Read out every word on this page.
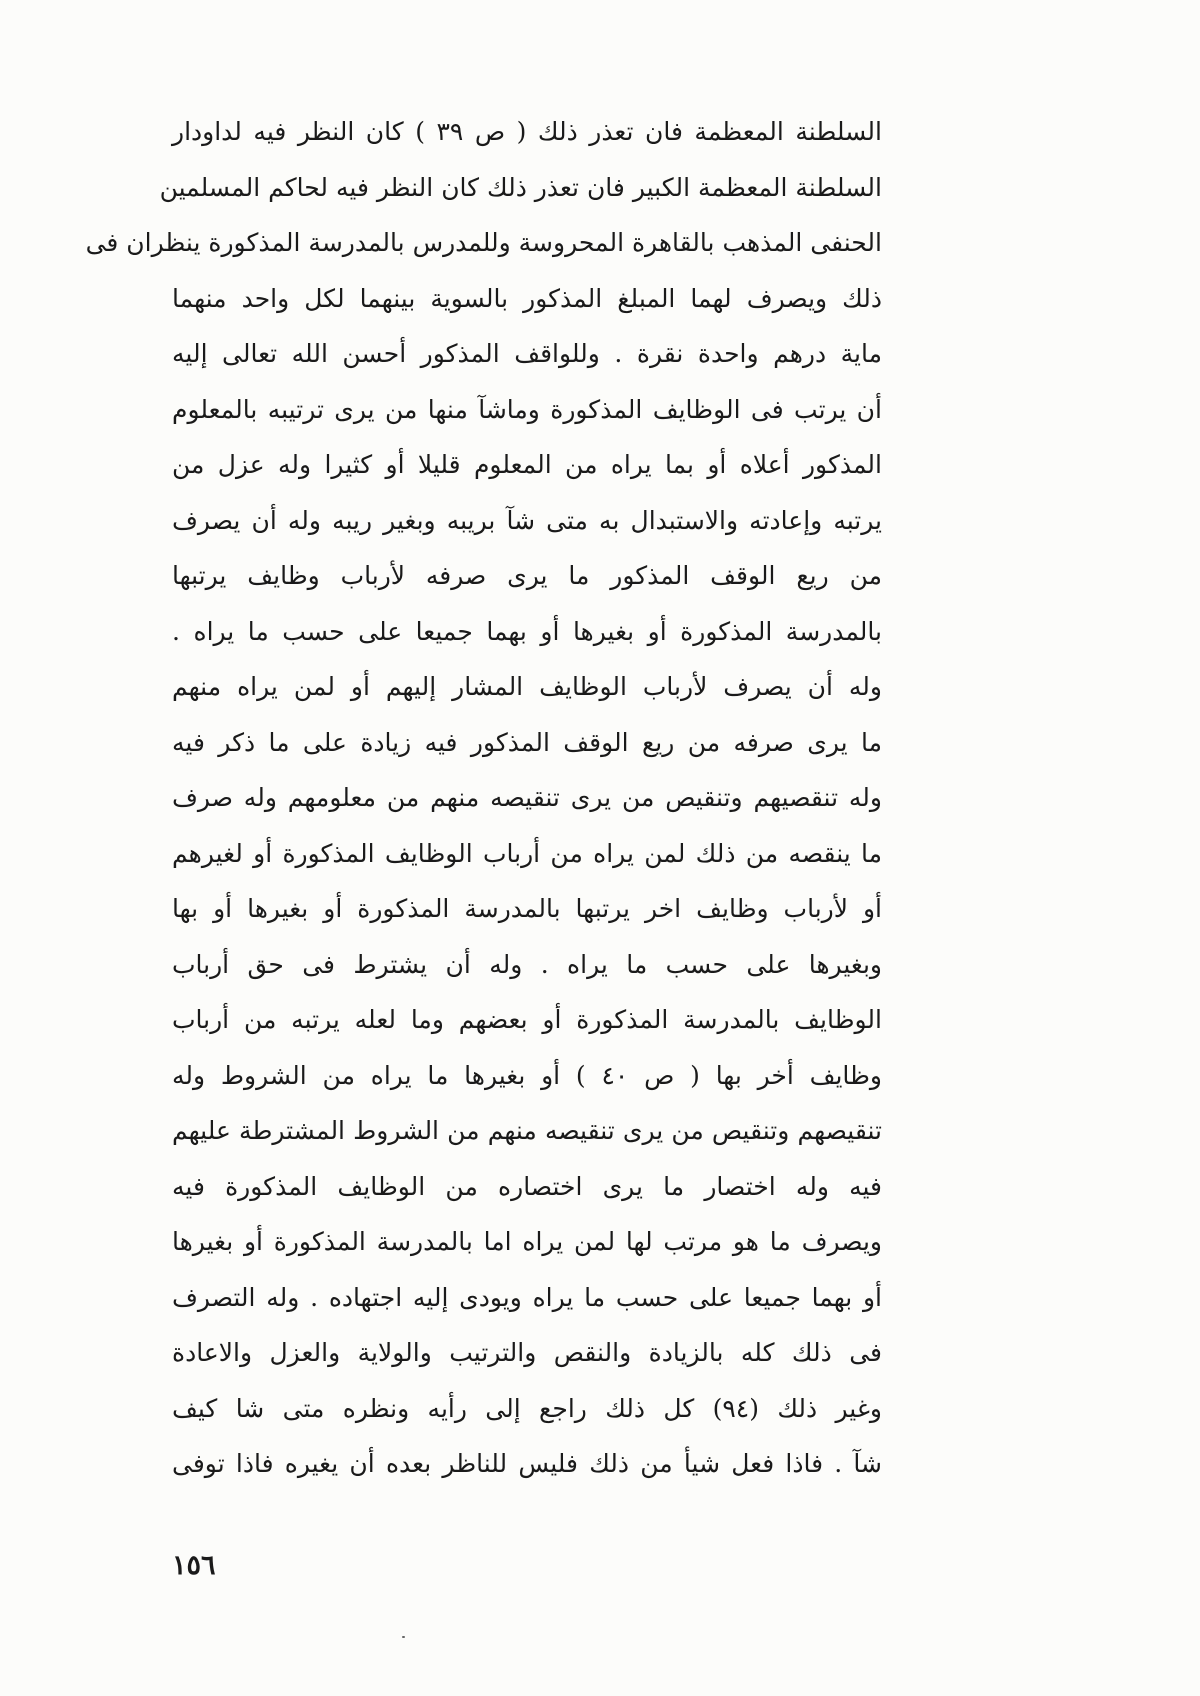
السلطنة المعظمة فان تعذر ذلك ( ص ٣٩ ) كان النظر فيه لداودار
السلطنة المعظمة الكبير فان تعذر ذلك كان النظر فيه لحاكم المسلمين
الحنفى المذهب بالقاهرة المحروسة وللمدرس بالمدرسة المذكورة ينظران فى
ذلك ويصرف لهما المبلغ المذكور بالسوية بينهما لكل واحد منهما
ماية درهم واحدة نقرة . وللواقف المذكور أحسن الله تعالى إليه
أن يرتب فى الوظايف المذكورة وماشآ منها من يرى ترتيبه بالمعلوم
المذكور أعلاه أو بما يراه من المعلوم قليلا أو كثيرا وله عزل من
يرتبه وإعادته والاستبدال به متى شآ بريبه وبغير ريبه وله أن يصرف
من ريع الوقف المذكور ما يرى صرفه لأرباب وظايف يرتبها
بالمدرسة المذكورة أو بغيرها أو بهما جميعا على حسب ما يراه .
وله أن يصرف لأرباب الوظايف المشار إليهم أو لمن يراه منهم
ما يرى صرفه من ريع الوقف المذكور فيه زيادة على ما ذكر فيه
وله تنقصيهم وتنقيص من يرى تنقيصه منهم من معلومهم وله صرف
ما ينقصه من ذلك لمن يراه من أرباب الوظايف المذكورة أو لغيرهم
أو لأرباب وظايف اخر يرتبها بالمدرسة المذكورة أو بغيرها أو بها
وبغيرها على حسب ما يراه . وله أن يشترط فى حق أرباب
الوظايف بالمدرسة المذكورة أو بعضهم وما لعله يرتبه من أرباب
وظايف أخر بها ( ص ٤٠ ) أو بغيرها ما يراه من الشروط وله
تنقيصهم وتنقيص من يرى تنقيصه منهم من الشروط المشترطة عليهم
فيه وله اختصار ما يرى اختصاره من الوظايف المذكورة فيه
ويصرف ما هو مرتب لها لمن يراه اما بالمدرسة المذكورة أو بغيرها
أو بهما جميعا على حسب ما يراه ويودى إليه اجتهاده . وله التصرف
فى ذلك كله بالزيادة والنقص والترتيب والولاية والعزل والاعادة
وغير ذلك (٩٤) كل ذلك راجع إلى رأيه ونظره متى شا كيف
شآ . فاذا فعل شيأ من ذلك فليس للناظر بعده أن يغيره فاذا توفى
١٥٦
